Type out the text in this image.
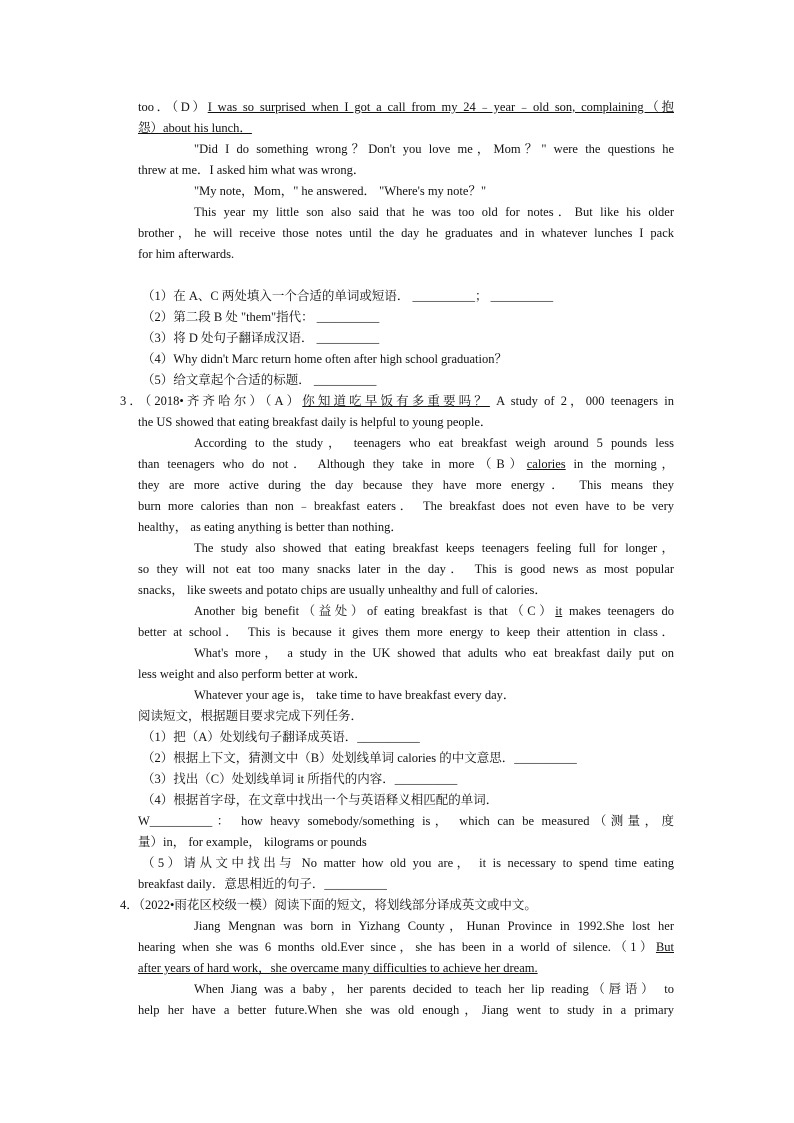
too．（D）I was so surprised when I got a call from my 24﹣year﹣old son, complaining（抱
怨）about his lunch．
"Did I do something wrong？Don't you love me，Mom？" were the questions he
threw at me．I asked him what was wrong．
"My note，Mom，" he answered． "Where's my note？"
This year my little son also said that he was too old for notes．But like his older
brother，he will receive those notes until the day he graduates and in whatever lunches I pack
for him afterwards.
（1）在 A、C 两处填入一个合适的单词或短语． __________； __________
（2）第二段 B 处 "them"指代： __________
（3）将 D 处句子翻译成汉语． __________
（4）Why didn't Marc return home often after high school graduation？
（5）给文章起个合适的标题． __________
3．（2018•齐齐哈尔）（A）你知道吃早饭有多重要吗？ A study of 2，000 teenagers in
the US showed that eating breakfast daily is helpful to young people．
According to the study， teenagers who eat breakfast weigh around 5 pounds less
than teenagers who do not． Although they take in more（B）calories in the morning，
they are more active during the day because they have more energy． This means they
burn more calories than non﹣breakfast eaters． The breakfast does not even have to be very
healthy， as eating anything is better than nothing．
The study also showed that eating breakfast keeps teenagers feeling full for longer，
so they will not eat too many snacks later in the day． This is good news as most popular
snacks， like sweets and potato chips are usually unhealthy and full of calories．
Another big benefit（益处）of eating breakfast is that（C）it makes teenagers do
better at school． This is because it gives them more energy to keep their attention in class．
What's more， a study in the UK showed that adults who eat breakfast daily put on
less weight and also perform better at work．
Whatever your age is， take time to have breakfast every day．
阅读短文，根据题目要求完成下列任务．
（1）把（A）处划线句子翻译成英语．__________
（2）根据上下文，猜测文中（B）处划线单词 calories 的中文意思．__________
（3）找出（C）处划线单词 it 所指代的内容．__________
（4）根据首字母，在文章中找出一个与英语释义相匹配的单词．
W__________： how heavy somebody/something is， which can be measured（测量，度
量）in， for example， kilograms or pounds
（5）请从文中找出与 No matter how old you are， it is necessary to spend time eating
breakfast daily．意思相近的句子．__________
4．（2022•雨花区校级一模）阅读下面的短文，将划线部分译成英文或中文。
Jiang Mengnan was born in Yizhang County，Hunan Province in 1992.She lost her
hearing when she was 6 months old.Ever since，she has been in a world of silence.（1）But
after years of hard work，she overcame many difficulties to achieve her dream.
When Jiang was a baby，her parents decided to teach her lip reading（唇语） to
help her have a better future.When she was old enough，Jiang went to study in a primary
